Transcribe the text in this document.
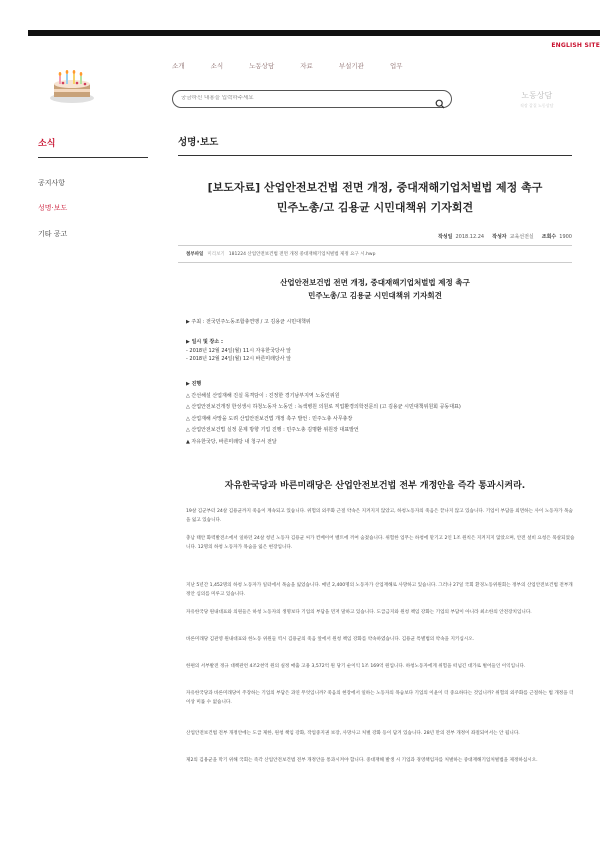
ENGLISH SITE
소개	소식	노동상담	자료	부설기관	업무
궁금하신 내용을 입력하주세요
노동상담
직장 갑질 노동상담
소식
공지사항
성명·보도
기타 공고
성명·보도
[보도자료] 산업안전보건법 전면 개정, 중대재해기업처벌법 제정 촉구
민주노총/고 김용균 시민대책위 기자회견
작성일 2018.12.24 작성자 교육선전실 조회수 1900
첨부파일 미리보기 181224 산업안전보건법 전면 개정 중대재해기업처벌법 제정 요구 시.hwp
산업안전보건법 전면 개정, 중대재해기업처벌법 제정 촉구
민주노총/고 김용균 시민대책위 기자회견
▶ 주최 : 전국민주노동조합총연맹 / 고 김용균 시민대책위
▶ 일시 및 장소 :
- 2018년 12월 24일(월) 11시 자유한국당사 앞
- 2018년 12월 24일(월) 12시 바른미래당사 앞
▶ 진행
△ 간선해설 산업재해 진실 목격담이 : 진정한 경기남부지역 노동인위원
△ 산업안전보건개정 한성생시 하청노동자 노동인 : 녹색병원 의원로 직업환경의학전문의 (고 김용균 시민대책위원회 공동대표)
△ 산업재해 사망을 도려 산업안전보건법 개정 촉구 발언 : 민주노총 사무총장
△ 산업안전보건법 실정 문제 방향 기업 진행 : 민주노총 김명환 위원장 대표발언
▲ 자유한국당, 바른미래당 내 청구서 전달
자유한국당과 바른미래당은 산업안전보건법 전부 개정안을 즉각 통과시켜라.
19살 김군부터 24살 김용균까지 죽음이 계속되고 있습니다. 위험의 외주화 근절 약속은 지켜지지 않았고, 하청노동자의 죽음은 끝나지 않고 있습니다. 기업이 부담을 외면하는 사이 노동자가 목숨을 잃고 있습니다.
충남 태안 화력발전소에서 일하던 24살 청년 노동자 김용균 씨가 컨베이어 벨트에 끼여 숨졌습니다. 위험한 업무는 하청에 맡기고 2인 1조 원칙은 지켜지지 않았으며, 안전 설비 요청은 묵살되었습니다. 12명의 하청 노동자가 목숨을 잃은 현장입니다.
지난 5년간 1,452명의 하청 노동자가 일터에서 목숨을 잃었습니다. 매년 2,400명의 노동자가 산업재해로 사망하고 있습니다. 그러나 27일 국회 환경노동위원회는 정부의 산업안전보건법 전부개정안 심의를 미루고 있습니다.
자유한국당 원내대표와 의원들은 하청 노동자의 생명보다 기업의 부담을 먼저 말하고 있습니다. 도급금지와 원청 책임 강화는 기업의 부담이 아니라 최소한의 안전장치입니다.
바른미래당 김관영 원내대표와 한노동 위원들 역시 김용균의 죽음 앞에서 원청 책임 강화를 약속하였습니다. 김용균 특별법의 약속을 지키십시오.
한편의 서부발전 정규 대책관련 4조2천억 원의 실정 매출 고용 3,572억 원 당기 순이익 1조 169억 원입니다. 하청노동자에게 위험을 떠넘긴 대가로 벌어들인 이익입니다.
자유한국당과 바른미래당이 주장하는 기업의 부담은 과연 무엇입니까? 죽음의 현장에서 일하는 노동자의 목숨보다 기업의 이윤이 더 중요하다는 것입니까? 위험의 외주화를 근절하는 법 개정을 더 이상 미룰 수 없습니다.
산업안전보건법 전부 개정안에는 도급 제한, 원청 책임 강화, 작업중지권 보장, 사망사고 처벌 강화 등이 담겨 있습니다. 28년 만의 전부 개정이 좌절되어서는 안 됩니다.
제2의 김용균을 막기 위해 국회는 즉각 산업안전보건법 전부 개정안을 통과시켜야 합니다. 중대재해 발생 시 기업과 경영책임자를 처벌하는 중대재해기업처벌법을 제정하십시오.
